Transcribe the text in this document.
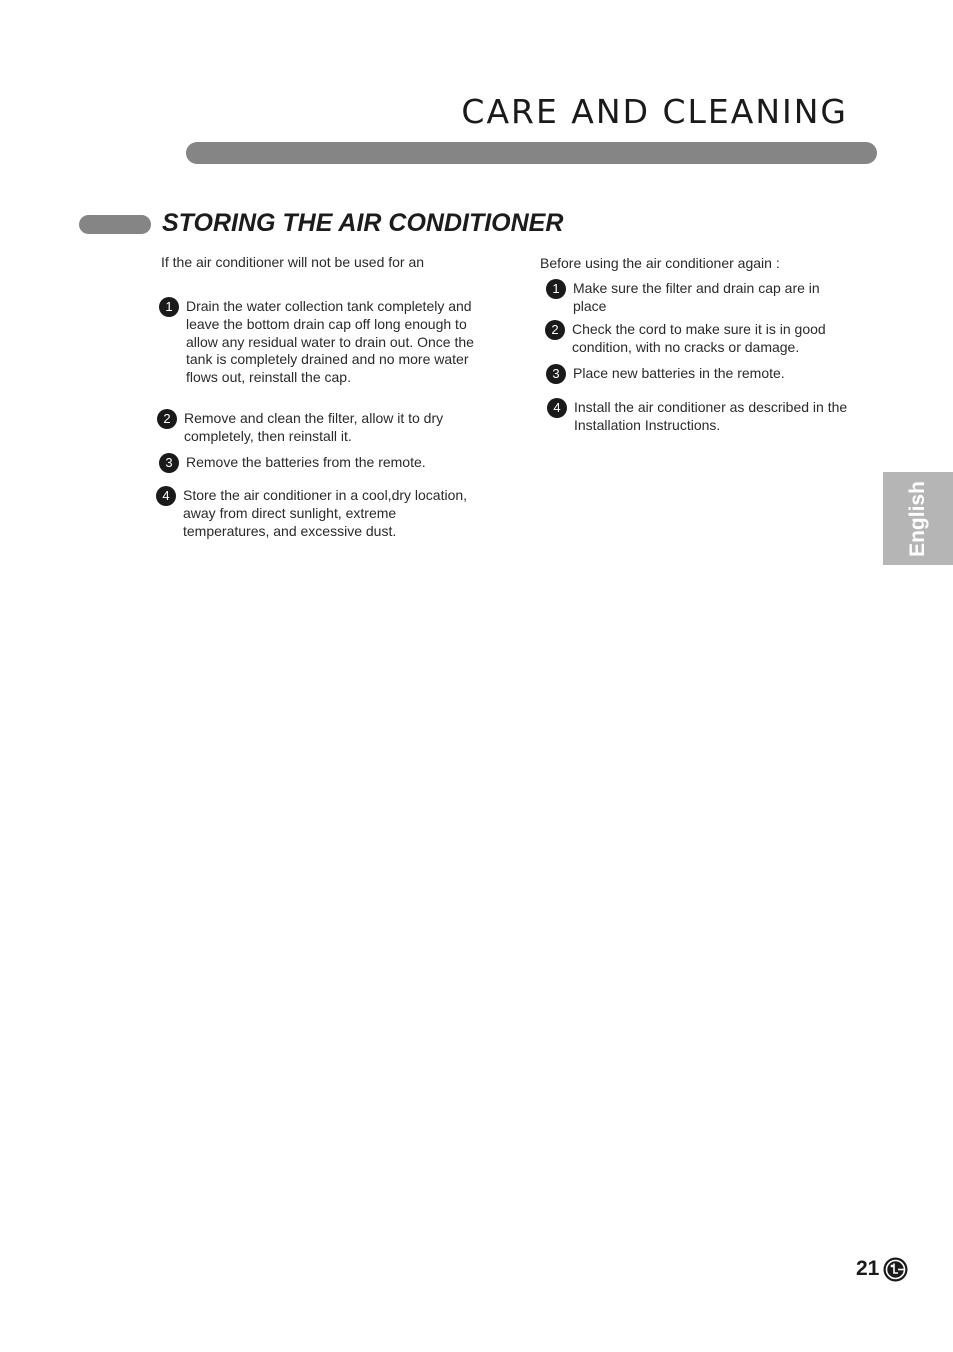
CARE AND CLEANING
STORING THE AIR CONDITIONER
If the air conditioner will not be used for an
1 Drain the water collection tank completely and leave the bottom drain cap off long enough to allow any residual water to drain out. Once the tank is completely drained and no more water flows out, reinstall the cap.
2 Remove and clean the filter, allow it to dry completely, then reinstall it.
3 Remove the batteries from the remote.
4 Store the air conditioner in a cool,dry location, away from direct sunlight, extreme temperatures, and excessive dust.
Before using the air conditioner again :
1 Make sure the filter and drain cap are in place
2 Check the cord to make sure it is in good condition, with no cracks or damage.
3 Place new batteries in the remote.
4 Install the air conditioner as described in the Installation Instructions.
English
21
